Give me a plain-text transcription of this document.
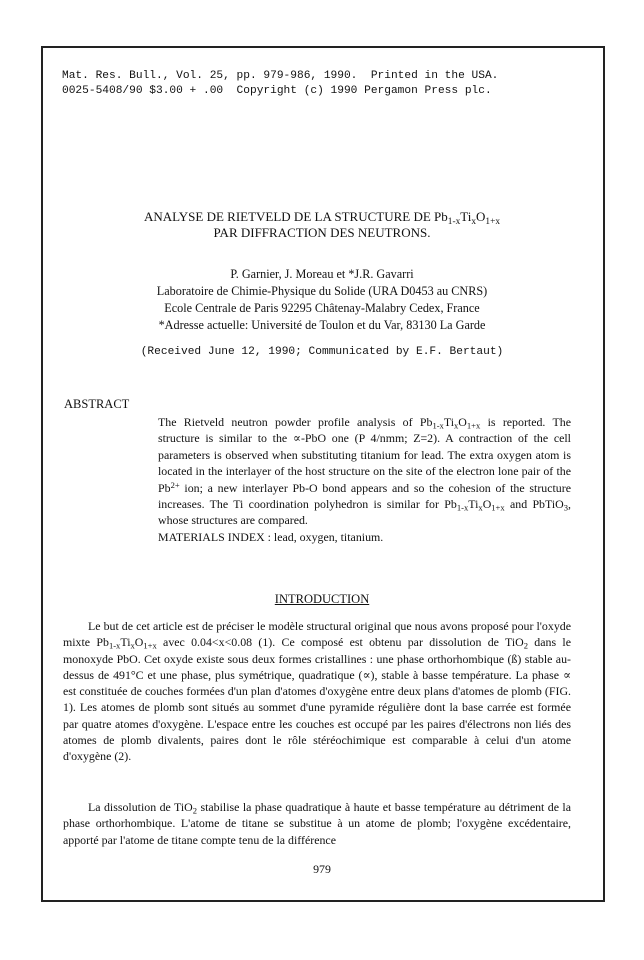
Mat. Res. Bull., Vol. 25, pp. 979-986, 1990.  Printed in the USA.
0025-5408/90 $3.00 + .00  Copyright (c) 1990 Pergamon Press plc.
ANALYSE DE RIETVELD DE LA STRUCTURE DE $Pb_{1-x}Ti_xO_{1+x}$
PAR DIFFRACTION DES NEUTRONS.
P. Garnier, J. Moreau et *J.R. Gavarri
Laboratoire de Chimie-Physique du Solide (URA D0453 au CNRS)
Ecole Centrale de Paris 92295 Châtenay-Malabry Cedex, France
*Adresse actuelle: Université de Toulon et du Var, 83130 La Garde
(Received June 12, 1990; Communicated by E.F. Bertaut)
ABSTRACT
The Rietveld neutron powder profile analysis of $Pb_{1-x}Ti_xO_{1+x}$ is reported. The structure is similar to the ∝-PbO one (P 4/nmm; Z=2). A contraction of the cell parameters is observed when substituting titanium for lead. The extra oxygen atom is located in the interlayer of the host structure on the site of the electron lone pair of the $Pb^{2+}$ ion; a new interlayer Pb-O bond appears and so the cohesion of the structure increases. The Ti coordination polyhedron is similar for $Pb_{1-x}Ti_xO_{1+x}$ and PbTiO$_3$, whose structures are compared.
MATERIALS INDEX : lead, oxygen, titanium.
INTRODUCTION

Le but de cet article est de préciser le modèle structural original que nous avons proposé pour l'oxyde mixte $Pb_{1-x}Ti_xO_{1+x}$ avec 0.04<x<0.08 (1). Ce composé est obtenu par dissolution de TiO$_2$ dans le monoxyde PbO. Cet oxyde existe sous deux formes cristallines : une phase orthorhombique (ß) stable au-dessus de 491°C et une phase, plus symétrique, quadratique (∝), stable à basse température. La phase ∝ est constituée de couches formées d'un plan d'atomes d'oxygène entre deux plans d'atomes de plomb (FIG. 1). Les atomes de plomb sont situés au sommet d'une pyramide régulière dont la base carrée est formée par quatre atomes d'oxygène. L'espace entre les couches est occupé par les paires d'électrons non liés des atomes de plomb divalents, paires dont le rôle stéréochimique est comparable à celui d'un atome d'oxygène (2).

La dissolution de TiO$_2$ stabilise la phase quadratique à haute et basse température au détriment de la phase orthorhombique. L'atome de titane se substitue à un atome de plomb; l'oxygène excédentaire, apporté par l'atome de titane compte tenu de la différence

979
